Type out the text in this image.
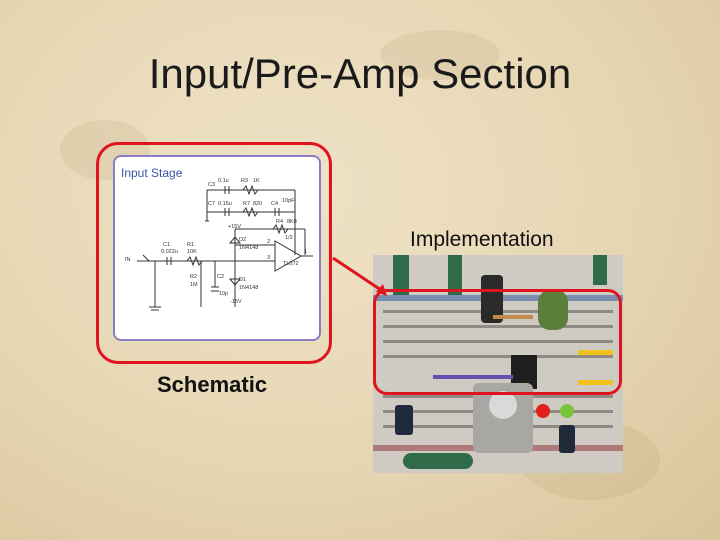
Input/Pre-Amp Section
Input Stage
C3
0.1u R3 1K
C7 0.15u R7 820 C4 10pF
R4 8K8
+15V
D2
1N4148
D1
1N4148
-15V
C1
0.022u
R1
10K
R2
1M
C2
10p
IN
1/2
TL072
2
3
1
Schematic
Implementation
